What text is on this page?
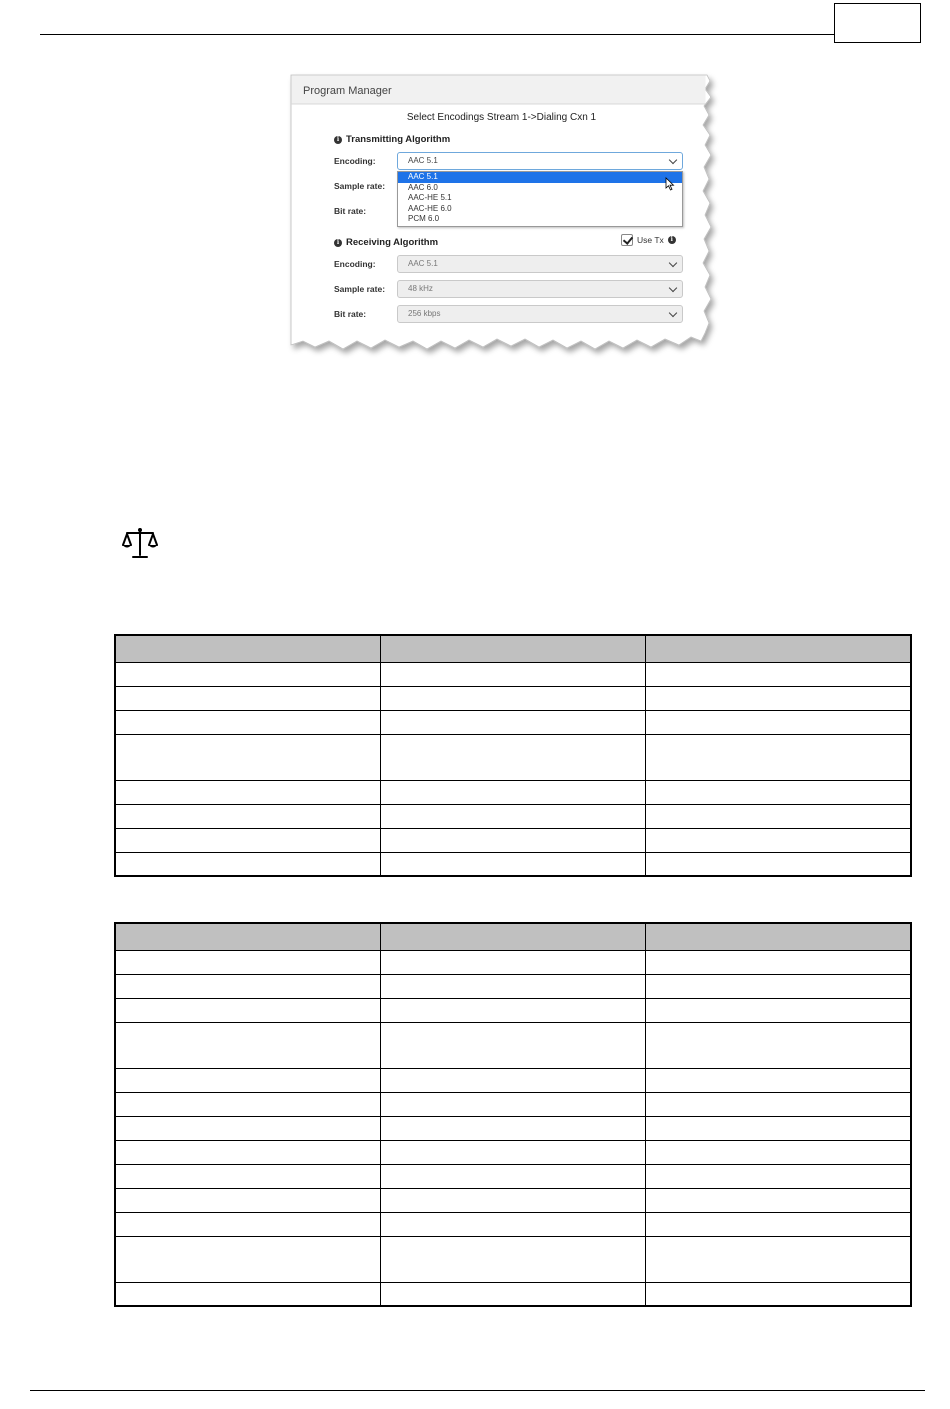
Program Manager
Select Encodings Stream 1->Dialing Cxn 1
i Transmitting Algorithm
Encoding:	AAC 5.1
Sample rate:
Bit rate:
AAC 5.1
AAC 6.0
AAC-HE 5.1
AAC-HE 6.0
PCM 6.0
i Receiving Algorithm	Use Tx	i
Encoding:	AAC 5.1
Sample rate:	48 kHz
Bit rate:	256 kbps
